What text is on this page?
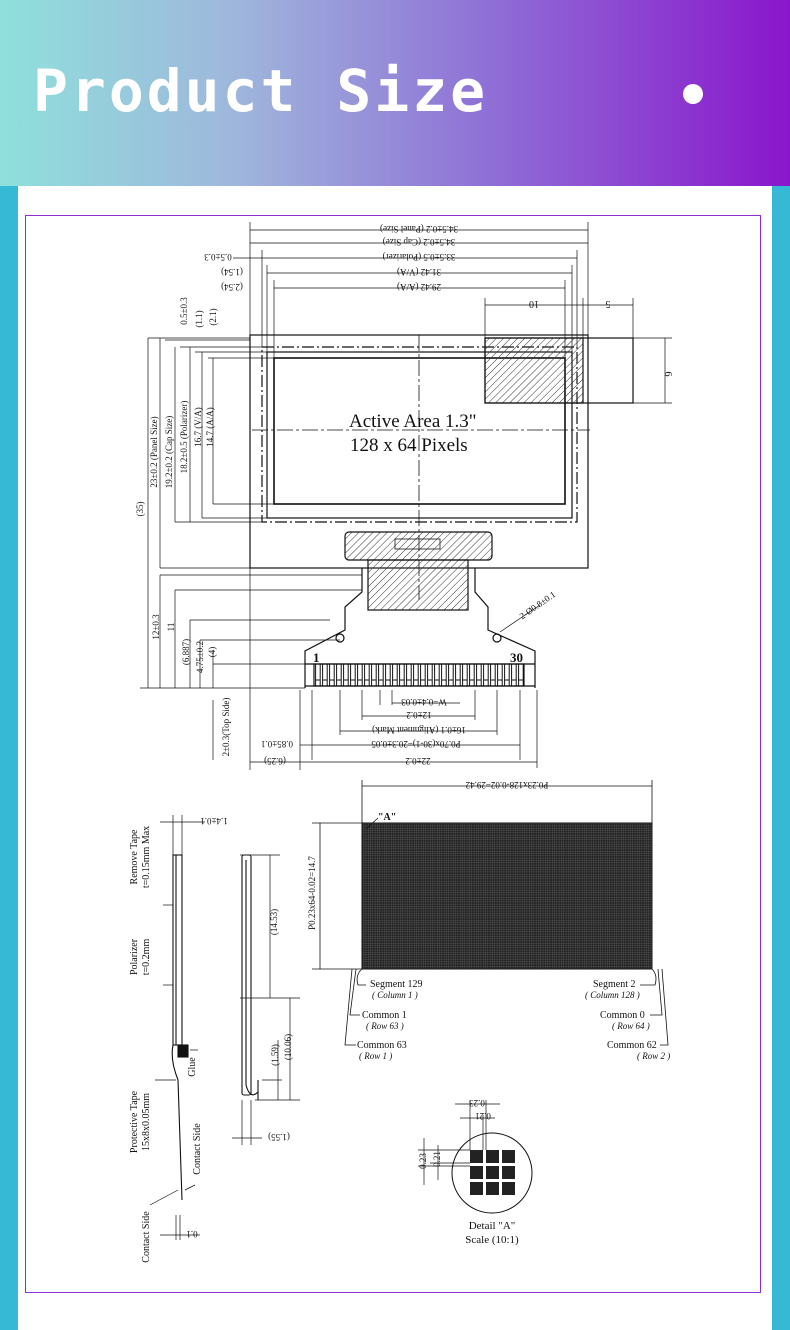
Product Size
34.5±0.2 (Panel Size)
34.5±0.2 (Cap Size)
33.5±0.5 (Polarizer)
31.42 (V/A)
29.42 (A/A)
0.5±0.3
(1.54)
(2.54)
10	5
6
0.5±0.3 (1.1) (2.1)
Active Area 1.3"
128 x 64 Pixels
23±0.2 (Panel Size) 19.2±0.2 (Cap Size) 18.2±0.5 (Polarizer) 16.7 (V/A) 14.7 (A/A)
(35)
12±0.3 11
(6.887) 4.75±0.2 (4)
2±0.3(Top Side)
2-Ø0.8±0.1
1	30
W=0.4±0.03
12±0.2
16±0.1 (Alignment Mark)
P0.70x(30-1)=20.3±0.05
0.85±0.1
22±0.2
(6.25)
1.4±0.1
Remove Tape t=0.15mm Max
Polarizer t=0.2mm
Glue
Protective Tape 15x8x0.05mm	Contact Side
Contact Side	0.1
(14.53)
(1.59) (10.06)
(1.55)
P0.23x128-0.02=29.42
P0.23x64-0.02=14.7
"A"
Segment 129
( Column 1 )
Segment 2
( Column 128 )
Common 1
( Row 63 )
Common 0
( Row 64 )
Common 63
( Row 1 )
Common 62
( Row 2 )
0.23
0.21
0.23 0.21
Detail "A"
Scale (10:1)
